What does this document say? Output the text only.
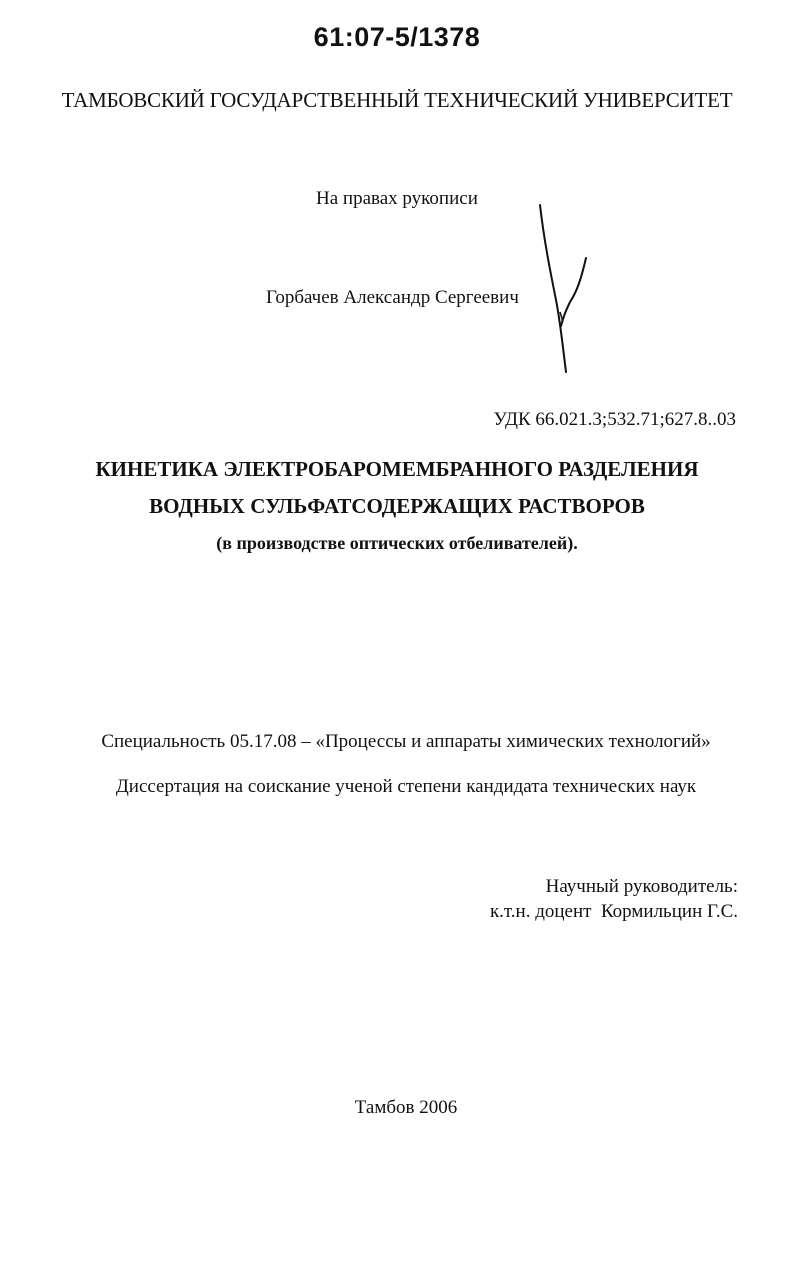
61:07-5/1378
ТАМБОВСКИЙ ГОСУДАРСТВЕННЫЙ ТЕХНИЧЕСКИЙ УНИВЕРСИТЕТ
На правах рукописи
Горбачев Александр Сергеевич
УДК 66.021.3;532.71;627.8..03
КИНЕТИКА ЭЛЕКТРОБАРОМЕМБРАННОГО РАЗДЕЛЕНИЯ
ВОДНЫХ СУЛЬФАТСОДЕРЖАЩИХ РАСТВОРОВ
(в производстве оптических отбеливателей).
Специальность 05.17.08 – «Процессы и аппараты химических технологий»
Диссертация на соискание ученой степени кандидата технических наук
Научный руководитель:
к.т.н. доцент  Кормильцин Г.С.
Тамбов 2006
